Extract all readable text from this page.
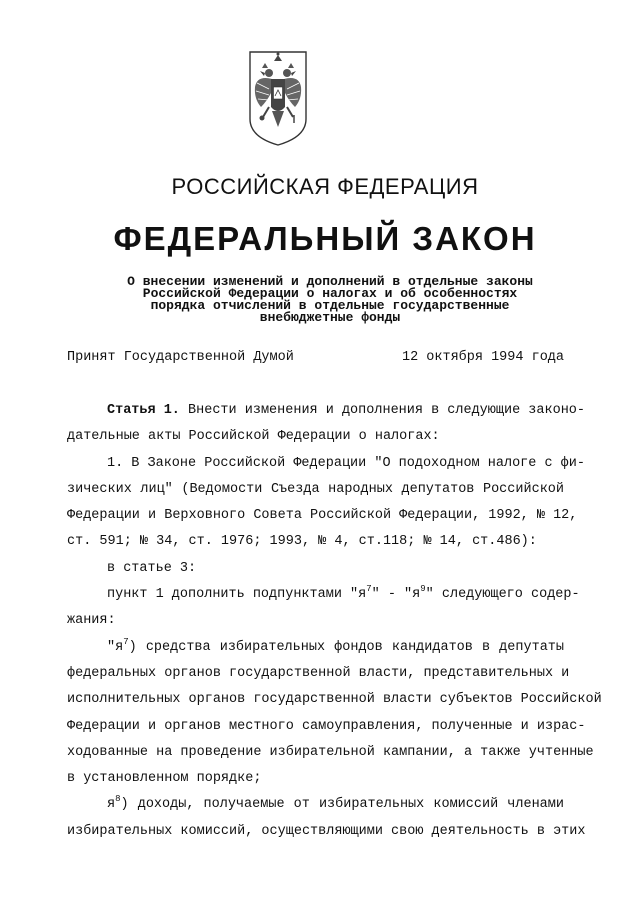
РОССИЙСКАЯ ФЕДЕРАЦИЯ
ФЕДЕРАЛЬНЫЙ ЗАКОН
О внесении изменений и дополнений в отдельные законы
Российской Федерации о налогах и об особенностях
порядка отчислений в отдельные государственные
внебюджетные фонды
Принят Государственной Думой	12 октября 1994 года
Статья 1. Внести изменения и дополнения в следующие законо-
дательные акты Российской Федерации о налогах:
1. В Законе Российской Федерации "О подоходном налоге с фи-
зических лиц" (Ведомости Съезда народных депутатов Российской
Федерации и Верховного Совета Российской Федерации, 1992, № 12,
ст. 591; № 34, ст. 1976; 1993, № 4, ст.118; № 14, ст.486):
в статье 3:
пункт 1 дополнить подпунктами "$я^7$" - "$я^9$" следующего содер-
жания:
"$я^7$) средства избирательных фондов кандидатов в депутаты
федеральных органов государственной власти, представительных и
исполнительных органов государственной власти субъектов Российской
Федерации и органов местного самоуправления, полученные и израс-
ходованные на проведение избирательной кампании, а также учтенные
в установленном порядке;
$я^8$) доходы, получаемые от избирательных комиссий членами
избирательных комиссий, осуществляющими свою деятельность в этих
